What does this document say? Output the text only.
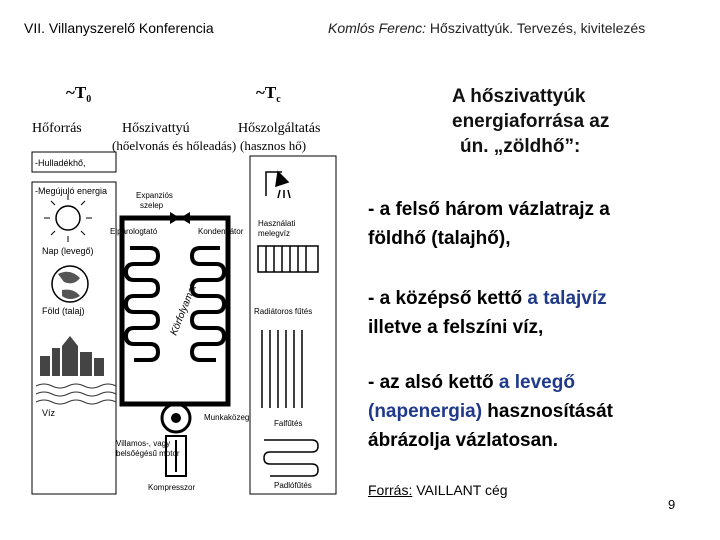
VII. Villanyszerelő Konferencia	Komlós Ferenc: Hőszivattyúk. Tervezés, kivitelezés
$\sim T_0$	$\sim T_c$
Hőforrás	Hőszivattyú
(hőelvonás és hőleadás)
Hőszolgáltatás
(hasznos hő)
-Hulladékhő,
-Megújuló energia
Nap (levegő)
Föld (talaj)
Víz
Expanziós
szelep
Elpárologtató	Kondenzátor
Körfolyamat
Munkaközeg
Villamos-, vagy
belsőégésű motor
Kompresszor
Használati
melegvíz
Radiátoros fűtés
Falfűtés
Padlófűtés
A hőszivattyúk
energiaforrása az
ún. „zöldhő”:
- a felső három vázlatrajz a
földhő (talajhő),
- a középső kettő a talajvíz
illetve a felszíni víz,
- az alsó kettő a levegő
(napenergia) hasznosítását
ábrázolja vázlatosan.
Forrás: VAILLANT cég
9
